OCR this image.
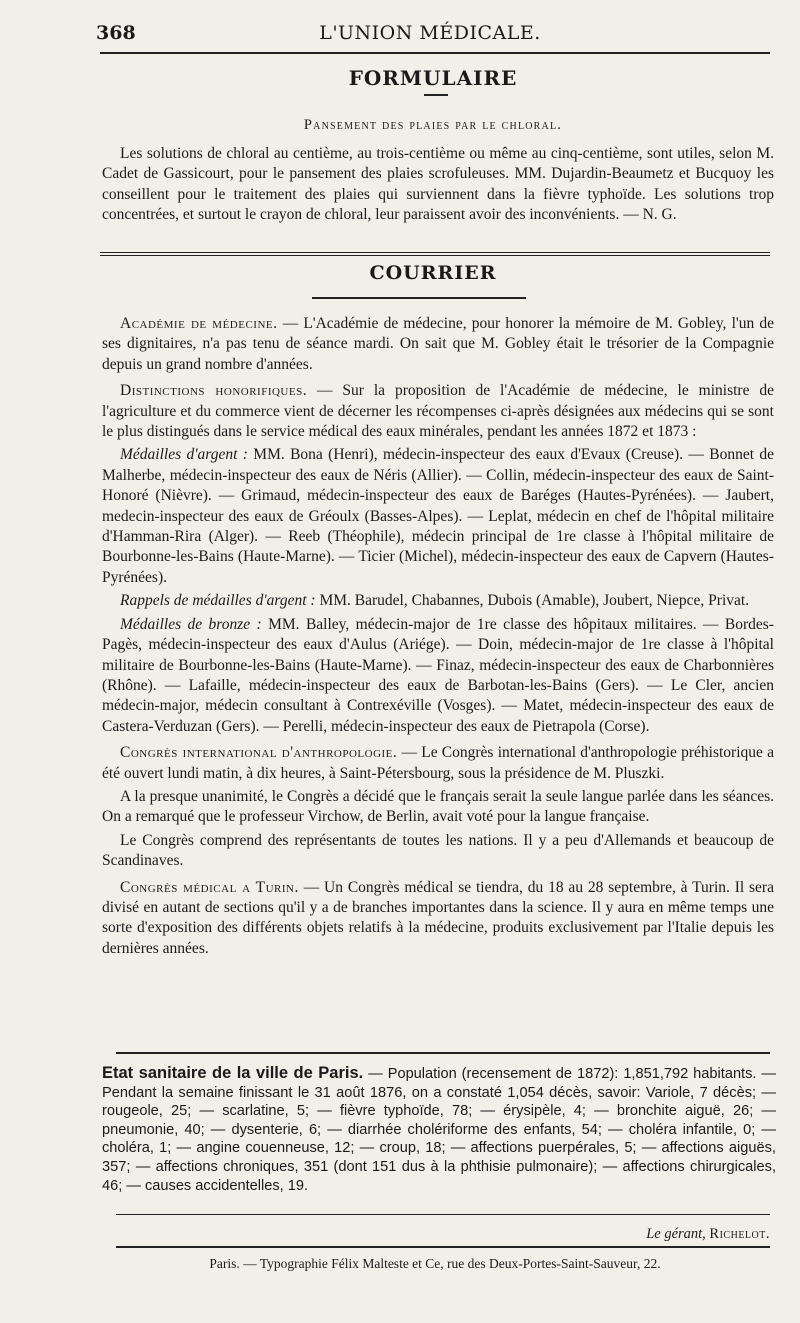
368	L'UNION MÉDICALE.
FORMULAIRE
Pansement des plaies par le chloral.

Les solutions de chloral au centième, au trois-centième ou même au cinq-centième, sont utiles, selon M. Cadet de Gassicourt, pour le pansement des plaies scrofuleuses. MM. Dujardin-Beaumetz et Bucquoy les conseillent pour le traitement des plaies qui surviennent dans la fièvre typhoïde. Les solutions trop concentrées, et surtout le crayon de chloral, leur paraissent avoir des inconvénients. — N. G.

COURRIER

Académie de médecine. — L'Académie de médecine, pour honorer la mémoire de M. Gobley, l'un de ses dignitaires, n'a pas tenu de séance mardi. On sait que M. Gobley était le trésorier de la Compagnie depuis un grand nombre d'années.

Distinctions honorifiques. — Sur la proposition de l'Académie de médecine, le ministre de l'agriculture et du commerce vient de décerner les récompenses ci-après désignées aux médecins qui se sont le plus distingués dans le service médical des eaux minérales, pendant les années 1872 et 1873 :

Médailles d'argent : MM. Bona (Henri), médecin-inspecteur des eaux d'Evaux (Creuse). — Bonnet de Malherbe, médecin-inspecteur des eaux de Néris (Allier). — Collin, médecin-inspecteur des eaux de Saint-Honoré (Nièvre). — Grimaud, médecin-inspecteur des eaux de Baréges (Hautes-Pyrénées). — Jaubert, medecin-inspecteur des eaux de Gréoulx (Basses-Alpes). — Leplat, médecin en chef de l'hôpital militaire d'Hamman-Rira (Alger). — Reeb (Théophile), médecin principal de 1re classe à l'hôpital militaire de Bourbonne-les-Bains (Haute-Marne). — Ticier (Michel), médecin-inspecteur des eaux de Capvern (Hautes-Pyrénées).

Rappels de médailles d'argent : MM. Barudel, Chabannes, Dubois (Amable), Joubert, Niepce, Privat.

Médailles de bronze : MM. Balley, médecin-major de 1re classe des hôpitaux militaires. — Bordes-Pagès, médecin-inspecteur des eaux d'Aulus (Ariége). — Doin, médecin-major de 1re classe à l'hôpital militaire de Bourbonne-les-Bains (Haute-Marne). — Finaz, médecin-inspecteur des eaux de Charbonnières (Rhône). — Lafaille, médecin-inspecteur des eaux de Barbotan-les-Bains (Gers). — Le Cler, ancien médecin-major, médecin consultant à Contrexéville (Vosges). — Matet, médecin-inspecteur des eaux de Castera-Verduzan (Gers). — Perelli, médecin-inspecteur des eaux de Pietrapola (Corse).

Congrès international d'anthropologie. — Le Congrès international d'anthropologie préhistorique a été ouvert lundi matin, à dix heures, à Saint-Pétersbourg, sous la présidence de M. Pluszki.

A la presque unanimité, le Congrès a décidé que le français serait la seule langue parlée dans les séances. On a remarqué que le professeur Virchow, de Berlin, avait voté pour la langue française.

Le Congrès comprend des représentants de toutes les nations. Il y a peu d'Allemands et beaucoup de Scandinaves.

Congrès médical a Turin. — Un Congrès médical se tiendra, du 18 au 28 septembre, à Turin. Il sera divisé en autant de sections qu'il y a de branches importantes dans la science. Il y aura en même temps une sorte d'exposition des différents objets relatifs à la médecine, produits exclusivement par l'Italie depuis les dernières années.

Etat sanitaire de la ville de Paris. — Population (recensement de 1872): 1,851,792 habitants. — Pendant la semaine finissant le 31 août 1876, on a constaté 1,054 décès, savoir: Variole, 7 décès; — rougeole, 25; — scarlatine, 5; — fièvre typhoïde, 78; — érysipèle, 4; — bronchite aiguë, 26; — pneumonie, 40; — dysenterie, 6; — diarrhée cholériforme des enfants, 54; — choléra infantile, 0; — choléra, 1; — angine couenneuse, 12; — croup, 18; — affections puerpérales, 5; — affections aiguës, 357; — affections chroniques, 351 (dont 151 dus à la phthisie pulmonaire); — affections chirurgicales, 46; — causes accidentelles, 19.
Le gérant, Richelot.
Paris. — Typographie Félix Malteste et Ce, rue des Deux-Portes-Saint-Sauveur, 22.
